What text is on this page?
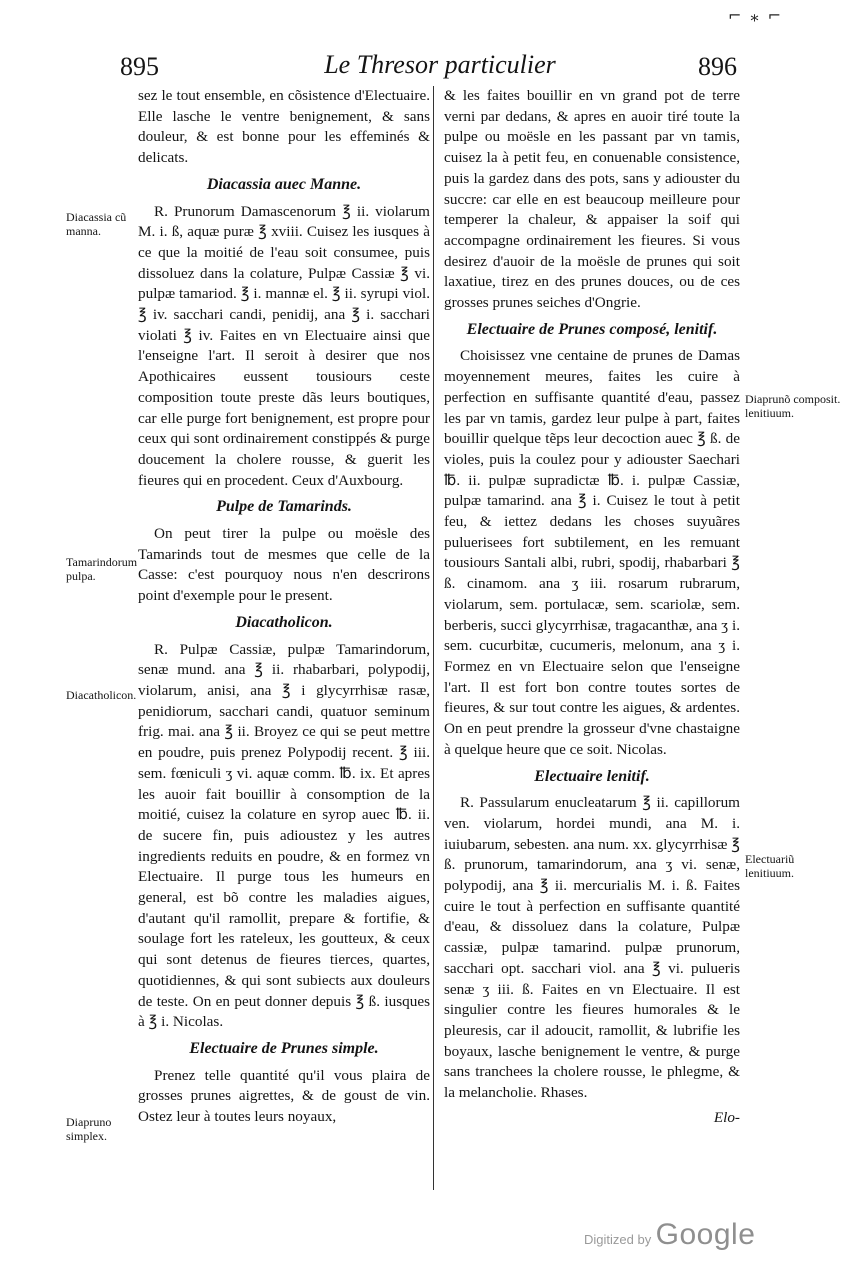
⌐ ⁎ ⌐
895	Le Thresor particulier	896

sez le tout ensemble, en cõsistence d'Electuaire. Elle lasche le ventre benignement, & sans douleur, & est bonne pour les effeminés & delicats.

Diacassia auec Manne.

R. Prunorum Damascenorum ℥ ii. violarum M. i. ß, aquæ puræ ℥ xviii. Cuisez les iusques à ce que la moitié de l'eau soit consumee, puis dissoluez dans la colature, Pulpæ Cassiæ ℥ vi. pulpæ tamariod. ℥ i. mannæ el. ℥ ii. syrupi viol. ℥ iv. sacchari candi, penidij, ana ℥ i. sacchari violati ℥ iv. Faites en vn Electuaire ainsi que l'enseigne l'art. Il seroit à desirer que nos Apothicaires eussent tousiours ceste composition toute preste dãs leurs boutiques, car elle purge fort benignement, est propre pour ceux qui sont ordinairement constippés & purge doucement la cholere rousse, & guerit les fieures qui en procedent. Ceux d'Auxbourg.

Pulpe de Tamarinds.

On peut tirer la pulpe ou moësle des Tamarinds tout de mesmes que celle de la Casse: c'est pourquoy nous n'en descrirons point d'exemple pour le present.

Diacatholicon.

R. Pulpæ Cassiæ, pulpæ Tamarindorum, senæ mund. ana ℥ ii. rhabarbari, polypodij, violarum, anisi, ana ℥ i glycyrrhisæ rasæ, penidiorum, sacchari candi, quatuor seminum frig. mai. ana ℥ ii. Broyez ce qui se peut mettre en poudre, puis prenez Polypodij recent. ℥ iii. sem. fœniculi ʒ vi. aquæ comm. ℔. ix. Et apres les auoir fait bouillir à consomption de la moitié, cuisez la colature en syrop auec ℔. ii. de sucere fin, puis adioustez y les autres ingredients reduits en poudre, & en formez vn Electuaire. Il purge tous les humeurs en general, est bõ contre les maladies aigues, d'autant qu'il ramollit, prepare & fortifie, & soulage fort les rateleux, les goutteux, & ceux qui sont detenus de fieures tierces, quartes, quotidiennes, & qui sont subiects aux douleurs de teste. On en peut donner depuis ℥ ß. iusques à ℥ i. Nicolas.

Electuaire de Prunes simple.

Prenez telle quantité qu'il vous plaira de grosses prunes aigrettes, & de goust de vin. Ostez leur à toutes leurs noyaux,

& les faites bouillir en vn grand pot de terre verni par dedans, & apres en auoir tiré toute la pulpe ou moësle en les passant par vn tamis, cuisez la à petit feu, en conuenable consistence, puis la gardez dans des pots, sans y adiouster du succre: car elle en est beaucoup meilleure pour temperer la chaleur, & appaiser la soif qui accompagne ordinairement les fieures. Si vous desirez d'auoir de la moësle de prunes qui soit laxatiue, tirez en des prunes douces, ou de ces grosses prunes seiches d'Ongrie.

Electuaire de Prunes composé, lenitif.

Choisissez vne centaine de prunes de Damas moyennement meures, faites les cuire à perfection en suffisante quantité d'eau, passez les par vn tamis, gardez leur pulpe à part, faites bouillir quelque tẽps leur decoction auec ℥ ß. de violes, puis la coulez pour y adiouster Saechari ℔. ii. pulpæ supradictæ ℔. i. pulpæ Cassiæ, pulpæ tamarind. ana ℥ i. Cuisez le tout à petit feu, & iettez dedans les choses suyuãres puluerisees fort subtilement, en les remuant tousiours Santali albi, rubri, spodij, rhabarbari ℥ ß. cinamom. ana ʒ iii. rosarum rubrarum, violarum, sem. portulacæ, sem. scariolæ, sem. berberis, succi glycyrrhisæ, tragacanthæ, ana ʒ i. sem. cucurbitæ, cucumeris, melonum, ana ʒ i. Formez en vn Electuaire selon que l'enseigne l'art. Il est fort bon contre toutes sortes de fieures, & sur tout contre les aigues, & ardentes. On en peut prendre la grosseur d'vne chastaigne à quelque heure que ce soit. Nicolas.

Electuaire lenitif.

R. Passularum enucleatarum ℥ ii. capillorum ven. violarum, hordei mundi, ana M. i. iuiubarum, sebesten. ana num. xx. glycyrrhisæ ℥ ß. prunorum, tamarindorum, ana ʒ vi. senæ, polypodij, ana ℥ ii. mercurialis M. i. ß. Faites cuire le tout à perfection en suffisante quantité d'eau, & dissoluez dans la colature, Pulpæ cassiæ, pulpæ tamarind. pulpæ prunorum, sacchari opt. sacchari viol. ana ℥ vi. pulueris senæ ʒ iii. ß. Faites en vn Electuaire. Il est singulier contre les fieures humorales & le pleuresis, car il adoucit, ramollit, & lubrifie les boyaux, lasche benignement le ventre, & purge sans tranchees la cholere rousse, le phlegme, & la melancholie. Rhases.

Elo-
Diacassia cũ manna.
Tamarindorum pulpa.
Diacatholicon.
Diapruno simplex.
Diaprunõ composit. lenitiuum.
Electuariũ lenitiuum.
Digitized by Google
